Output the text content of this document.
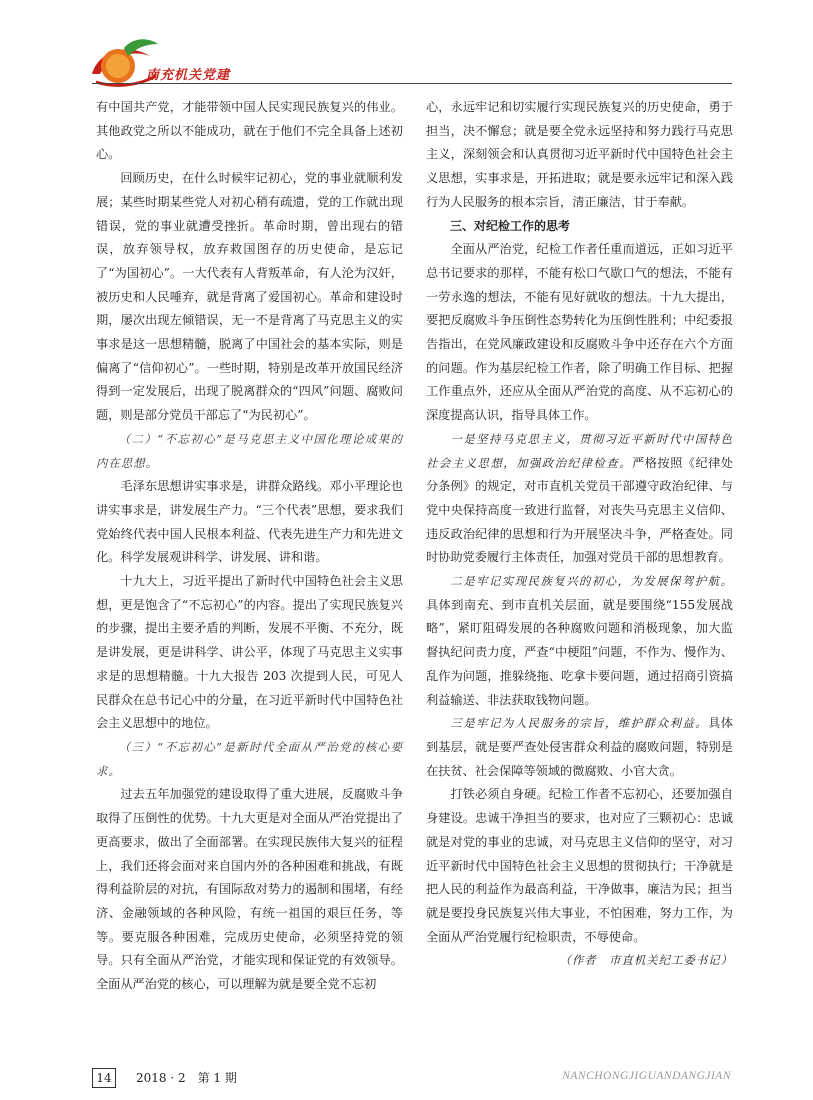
南充机关党建

有中国共产党，才能带领中国人民实现民族复兴的伟业。其他政党之所以不能成功，就在于他们不完全具备上述初心。

回顾历史，在什么时候牢记初心，党的事业就顺利发展；某些时期某些党人对初心稍有疏遗，党的工作就出现错误，党的事业就遭受挫折。革命时期，曾出现右的错误，放弃领导权，放弃救国图存的历史使命，是忘记了“为国初心”。一大代表有人背叛革命，有人沦为汉奸，被历史和人民唾弃，就是背离了爱国初心。革命和建设时期，屡次出现左倾错误，无一不是背离了马克思主义的实事求是这一思想精髓，脱离了中国社会的基本实际，则是偏离了“信仰初心”。一些时期，特别是改革开放国民经济得到一定发展后，出现了脱离群众的“四风”问题、腐败问题，则是部分党员干部忘了“为民初心”。

（二）“不忘初心”是马克思主义中国化理论成果的内在思想。

毛泽东思想讲实事求是，讲群众路线。邓小平理论也讲实事求是，讲发展生产力。“三个代表”思想，要求我们党始终代表中国人民根本利益、代表先进生产力和先进文化。科学发展观讲科学、讲发展、讲和谐。

十九大上，习近平提出了新时代中国特色社会主义思想，更是饱含了“不忘初心”的内容。提出了实现民族复兴的步骤，提出主要矛盾的判断，发展不平衡、不充分，既是讲发展，更是讲科学、讲公平，体现了马克思主义实事求是的思想精髓。十九大报告 203 次提到人民，可见人民群众在总书记心中的分量，在习近平新时代中国特色社会主义思想中的地位。

（三）“不忘初心”是新时代全面从严治党的核心要求。

过去五年加强党的建设取得了重大进展，反腐败斗争取得了压倒性的优势。十九大更是对全面从严治党提出了更高要求，做出了全面部署。在实现民族伟大复兴的征程上，我们还将会面对来自国内外的各种困难和挑战，有既得利益阶层的对抗，有国际敌对势力的遏制和围堵，有经济、金融领域的各种风险，有统一祖国的艰巨任务，等等。要克服各种困难，完成历史使命，必须坚持党的领导。只有全面从严治党，才能实现和保证党的有效领导。全面从严治党的核心，可以理解为就是要全党不忘初

心，永远牢记和切实履行实现民族复兴的历史使命，勇于担当，决不懈怠；就是要全党永远坚持和努力践行马克思主义，深刻领会和认真贯彻习近平新时代中国特色社会主义思想，实事求是，开拓进取；就是要永远牢记和深入践行为人民服务的根本宗旨，清正廉洁，甘于奉献。

三、对纪检工作的思考

全面从严治党，纪检工作者任重而道远，正如习近平总书记要求的那样，不能有松口气歇口气的想法，不能有一劳永逸的想法，不能有见好就收的想法。十九大提出，要把反腐败斗争压倒性态势转化为压倒性胜利；中纪委报告指出，在党风廉政建设和反腐败斗争中还存在六个方面的问题。作为基层纪检工作者，除了明确工作目标、把握工作重点外，还应从全面从严治党的高度、从不忘初心的深度提高认识，指导具体工作。

一是坚持马克思主义，贯彻习近平新时代中国特色社会主义思想，加强政治纪律检查。严格按照《纪律处分条例》的规定，对市直机关党员干部遵守政治纪律、与党中央保持高度一致进行监督，对丧失马克思主义信仰、违反政治纪律的思想和行为开展坚决斗争，严格查处。同时协助党委履行主体责任，加强对党员干部的思想教育。

二是牢记实现民族复兴的初心，为发展保驾护航。具体到南充、到市直机关层面，就是要围绕“155发展战略”，紧盯阻碍发展的各种腐败问题和消极现象，加大监督执纪问责力度，严查“中梗阻”问题，不作为、慢作为、乱作为问题，推躲绕拖、吃拿卡要问题，通过招商引资搞利益输送、非法获取钱物问题。

三是牢记为人民服务的宗旨，维护群众利益。具体到基层，就是要严查处侵害群众利益的腐败问题，特别是在扶贫、社会保障等领域的微腐败、小官大贪。

打铁必须自身硬。纪检工作者不忘初心，还要加强自身建设。忠诚干净担当的要求，也对应了三颗初心：忠诚就是对党的事业的忠诚，对马克思主义信仰的坚守，对习近平新时代中国特色社会主义思想的贯彻执行；干净就是把人民的利益作为最高利益，干净做事，廉洁为民；担当就是要投身民族复兴伟大事业，不怕困难，努力工作，为全面从严治党履行纪检职责，不辱使命。

（作者　市直机关纪工委书记）

14	2018 · 2　第 1 期	NANCHONGJIGUANDANGJIAN
